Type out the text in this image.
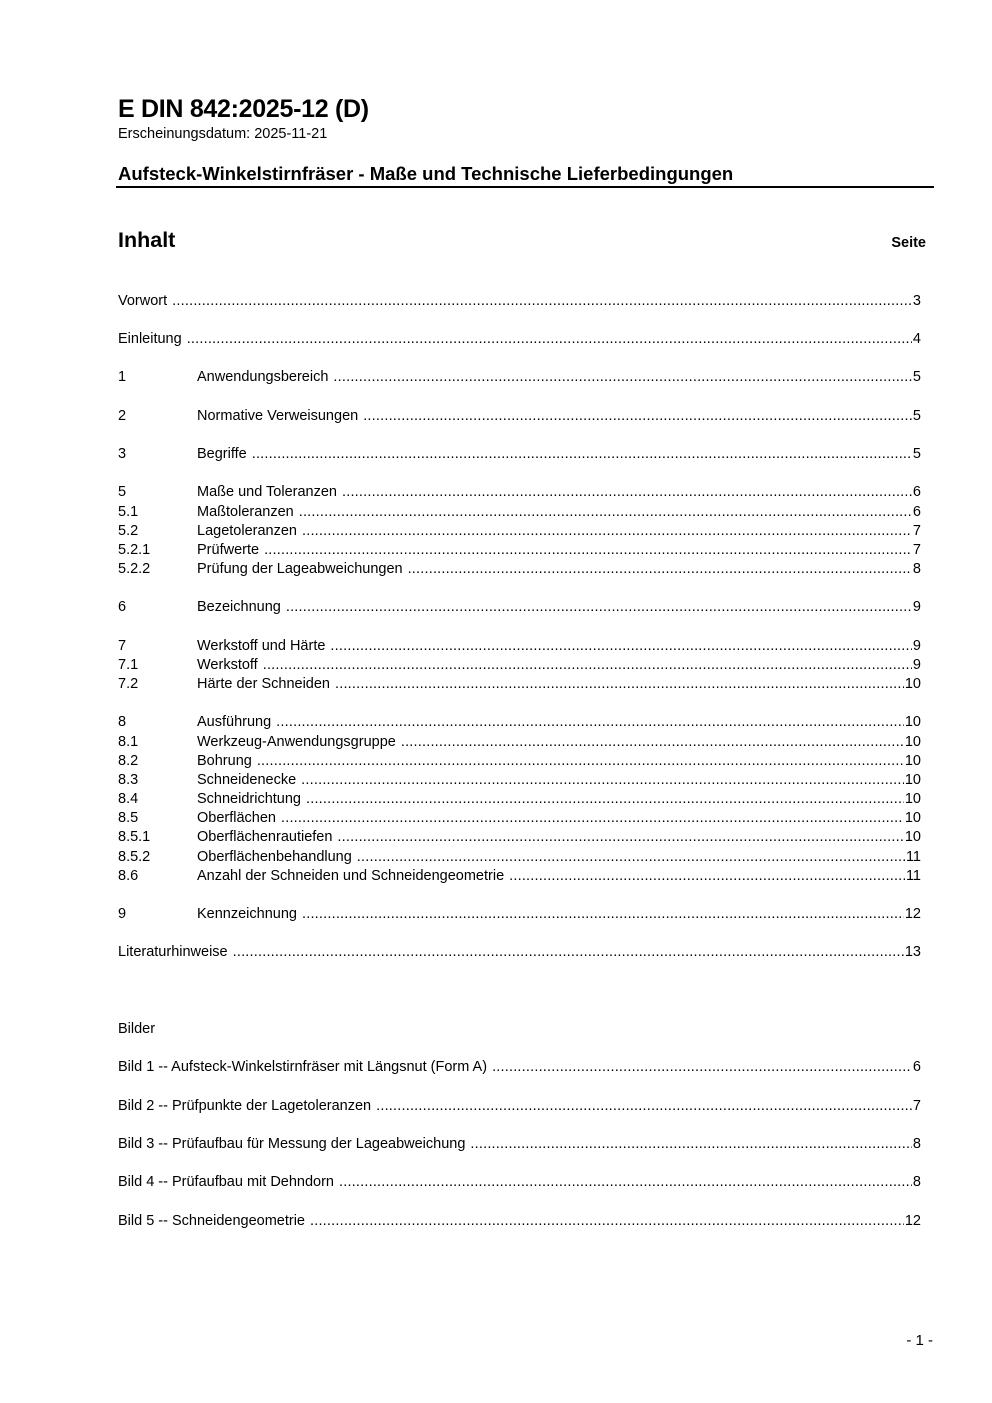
E DIN 842:2025-12 (D)
Erscheinungsdatum: 2025-11-21
Aufsteck-Winkelstirnfräser - Maße und Technische Lieferbedingungen
Inhalt	Seite
Vorwort .....	3
Einleitung .....	4
1	Anwendungsbereich .....	5
2	Normative Verweisungen .....	5
3	Begriffe .....	5
5	Maße und Toleranzen .....	6
5.1	Maßtoleranzen .....	6
5.2	Lagetoleranzen .....	7
5.2.1	Prüfwerte .....	7
5.2.2	Prüfung der Lageabweichungen .....	8
6	Bezeichnung .....	9
7	Werkstoff und Härte .....	9
7.1	Werkstoff .....	9
7.2	Härte der Schneiden .....	10
8	Ausführung .....	10
8.1	Werkzeug-Anwendungsgruppe .....	10
8.2	Bohrung .....	10
8.3	Schneidenecke .....	10
8.4	Schneidrichtung .....	10
8.5	Oberflächen .....	10
8.5.1	Oberflächenrautiefen .....	10
8.5.2	Oberflächenbehandlung .....	11
8.6	Anzahl der Schneiden und Schneidengeometrie .....	11
9	Kennzeichnung .....	12
Literaturhinweise .....	13
Bilder
Bild 1 -- Aufsteck-Winkelstirnfräser mit Längsnut (Form A) .....	6
Bild 2 -- Prüfpunkte der Lagetoleranzen .....	7
Bild 3 -- Prüfaufbau für Messung der Lageabweichung .....	8
Bild 4 -- Prüfaufbau mit Dehndorn .....	8
Bild 5 -- Schneidengeometrie .....	12
- 1 -
